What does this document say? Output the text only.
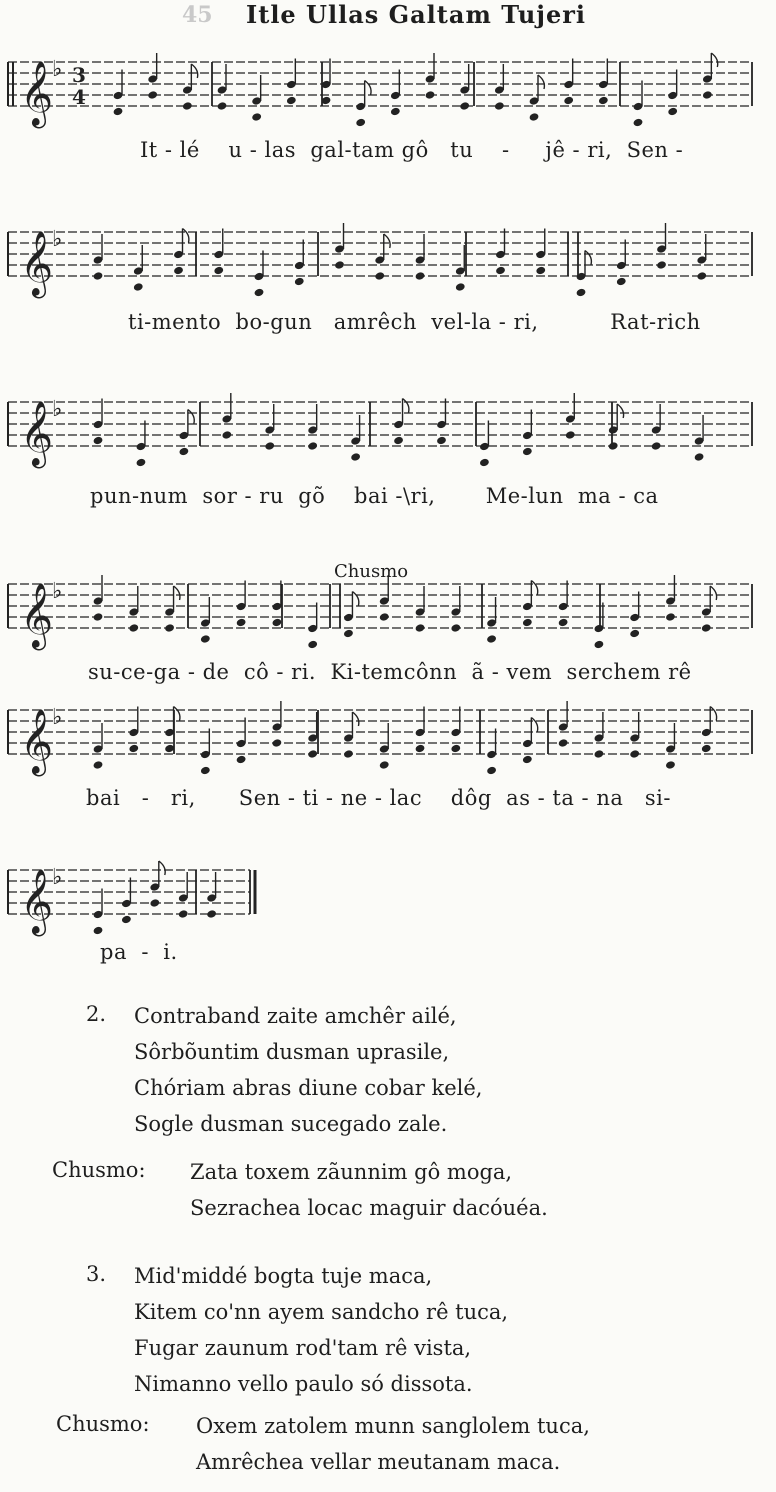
45 Itle Ullas Galtam Tujeri
𝄞
♭ 3
4
𝄞
♭
𝄞
♭
𝄞
♭
𝄞
♭
𝄞
♭
Chusmo
It - lé    u - las  gal-tam gô   tu    -     jê - ri,  Sen -
ti-mento  bo-gun   amrêch  vel-la - ri,          Rat-rich
pun-num  sor - ru  gõ    bai -\ri,       Me-lun  ma - ca
su-ce-ga - de  cô - ri.  Ki-temcônn  ã - vem  serchem rê
bai   -   ri,      Sen - ti - ne - lac    dôg  as - ta - na   si-
pa  -  i.
2. Contraband zaite amchêr ailé,
Sôrbõuntim dusman uprasile,
Chóriam abras diune cobar kelé,
Sogle dusman sucegado zale.
Chusmo: Zata toxem zãunnim gô moga,
Sezrachea locac maguir dacóuéa.
3. Mid'middé bogta tuje maca,
Kitem co'nn ayem sandcho rê tuca,
Fugar zaunum rod'tam rê vista,
Nimanno vello paulo só dissota.
Chusmo: Oxem zatolem munn sanglolem tuca,
Amrêchea vellar meutanam maca.
